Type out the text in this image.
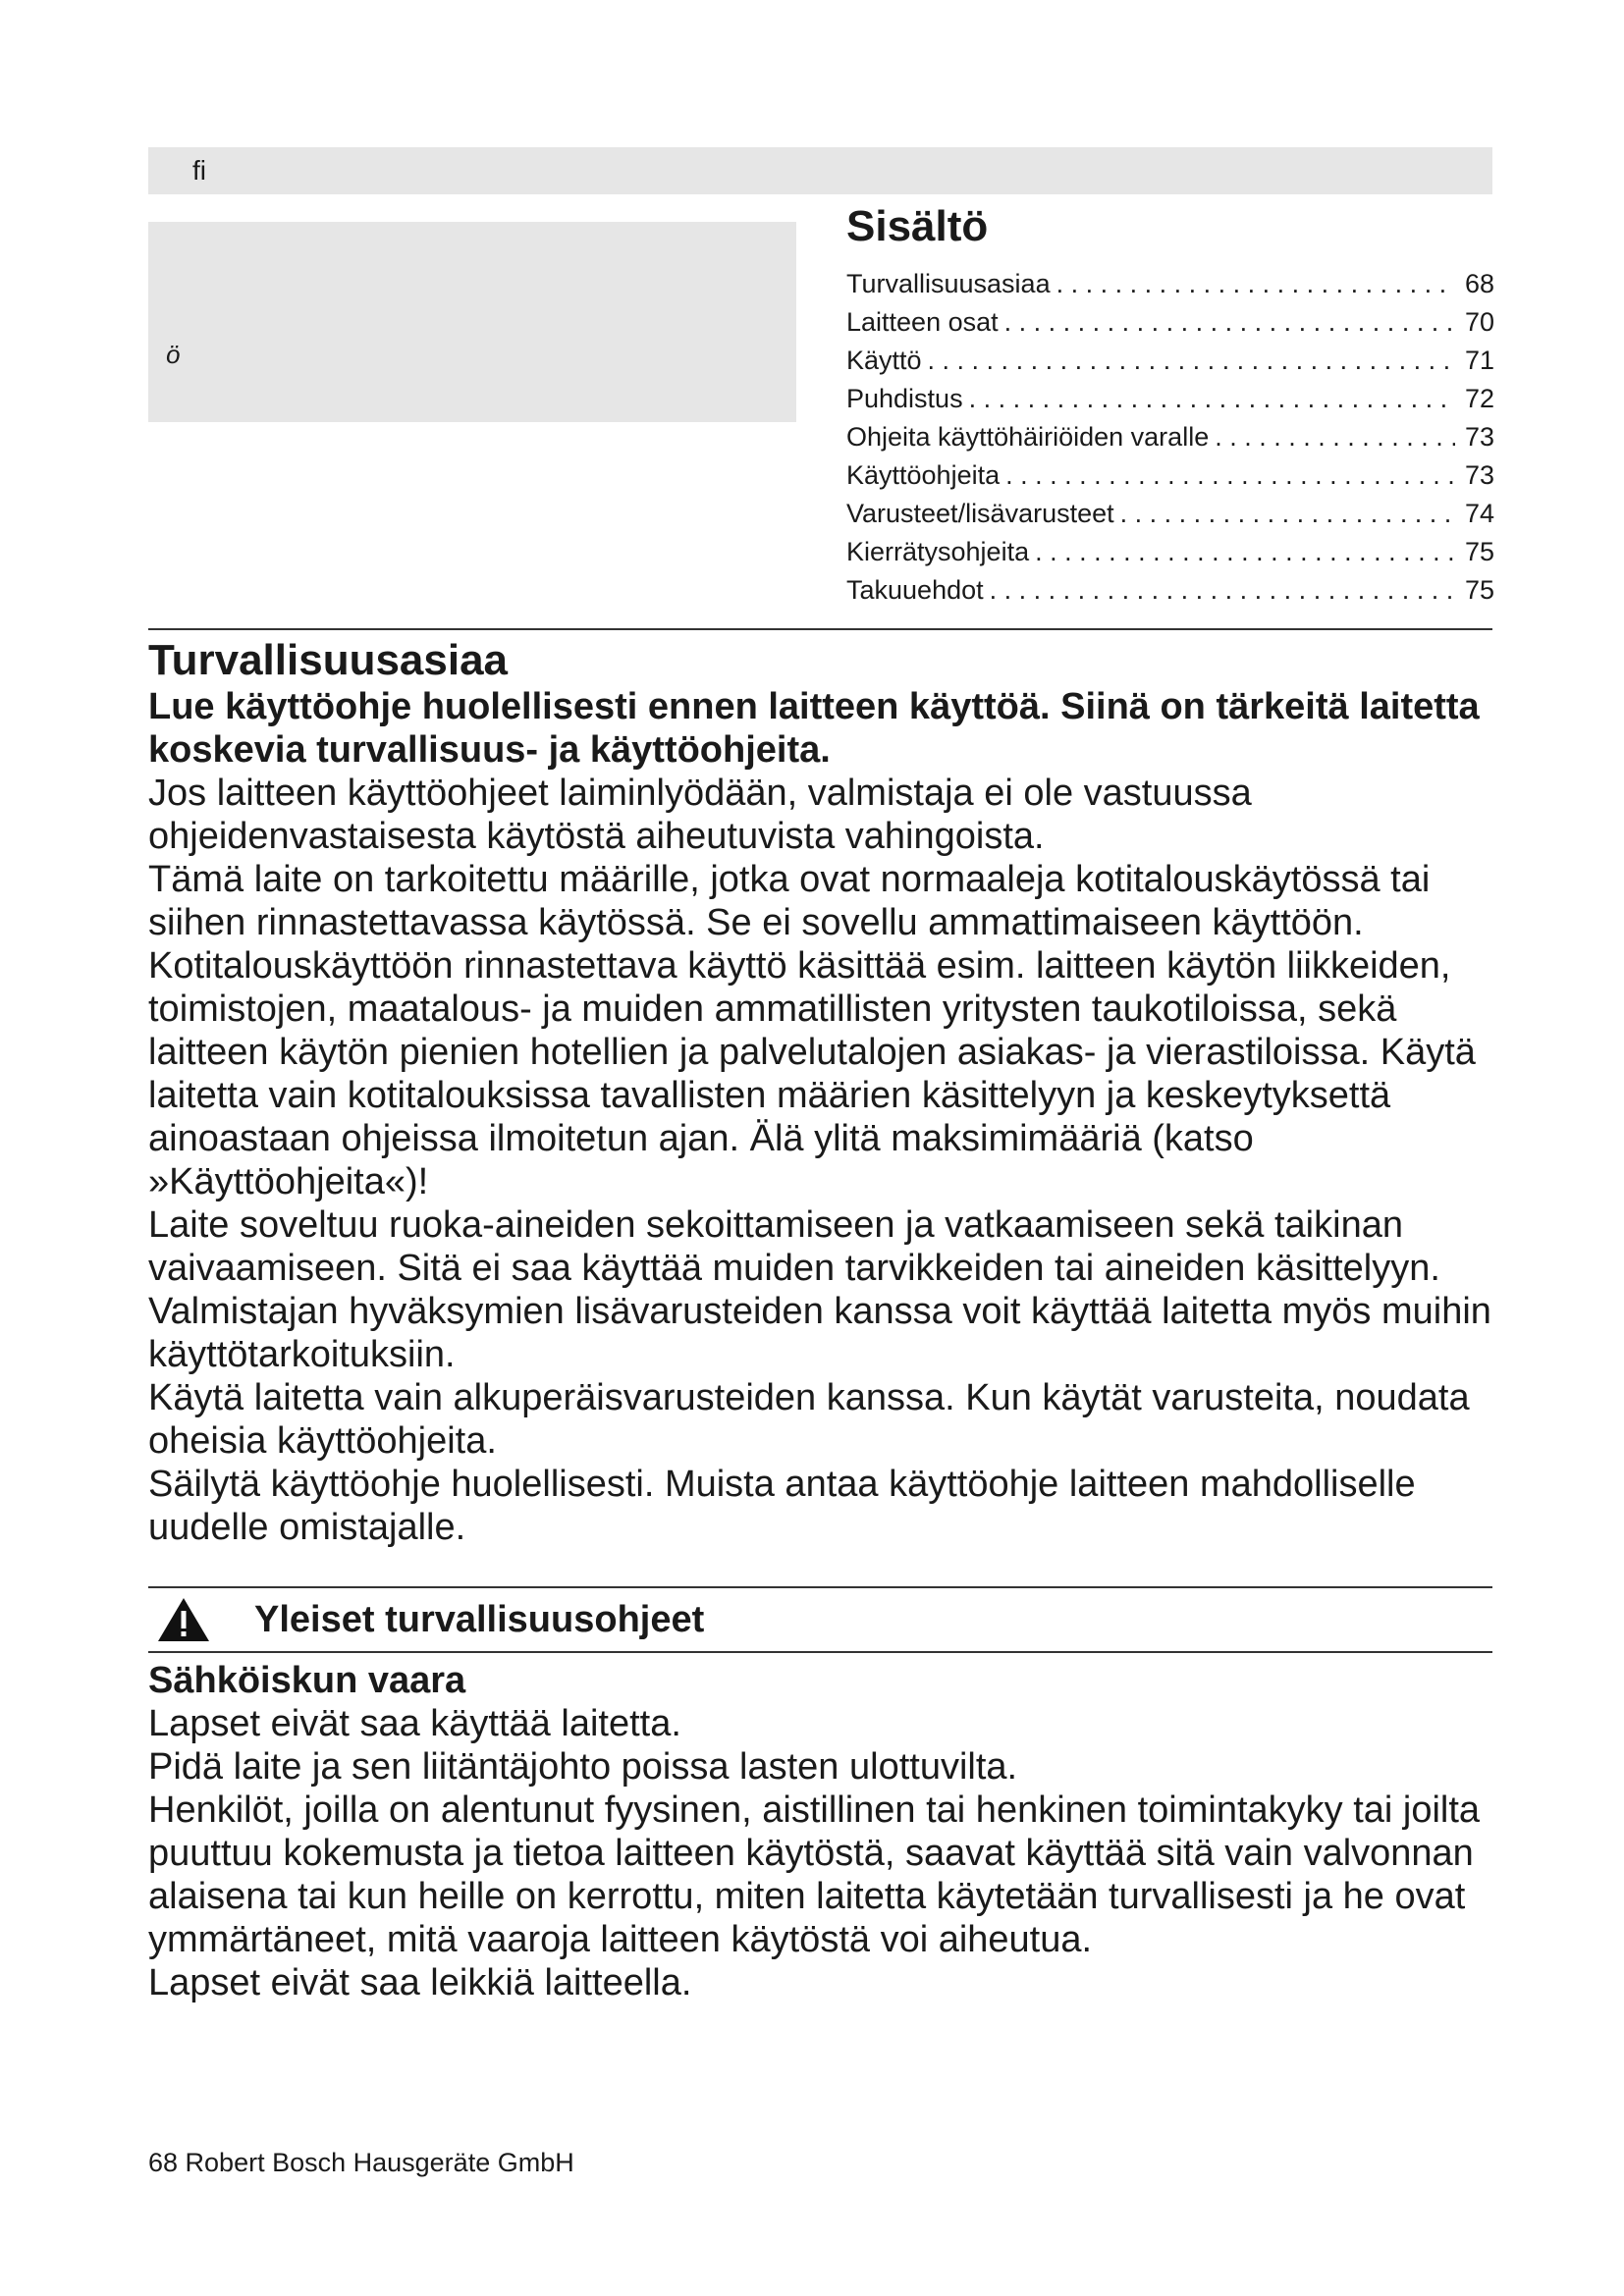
fi
ö
Sisältö
Turvallisuusasiaa . . .	68
Laitteen osat . . .	70
Käyttö . . .	71
Puhdistus . . .	72
Ohjeita käyttöhäiriöiden varalle . . .	73
Käyttöohjeita . . .	73
Varusteet/lisävarusteet . . .	74
Kierrätysohjeita . . .	75
Takuuehdot . . .	75
Turvallisuusasiaa

Lue käyttöohje huolellisesti ennen laitteen käyttöä. Siinä on tärkeitä laitetta koskevia turvallisuus- ja käyttöohjeita.

Jos laitteen käyttöohjeet laiminlyödään, valmistaja ei ole vastuussa ohjeidenvastaisesta käytöstä aiheutuvista vahingoista.

Tämä laite on tarkoitettu määrille, jotka ovat normaaleja kotitalouskäytössä tai siihen rinnastettavassa käytössä. Se ei sovellu ammattimaiseen käyttöön. Kotitalouskäyttöön rinnastettava käyttö käsittää esim. laitteen käytön liikkeiden, toimistojen, maatalous- ja muiden ammatillisten yritysten taukotiloissa, sekä laitteen käytön pienien hotellien ja palvelutalojen asiakas- ja vierastiloissa. Käytä laitetta vain kotitalouksissa tavallisten määrien käsittelyyn ja keskeytyksettä ainoastaan ohjeissa ilmoitetun ajan. Älä ylitä maksimimääriä (katso »Käyttöohjeita«)!

Laite soveltuu ruoka-aineiden sekoittamiseen ja vatkaamiseen sekä taikinan vaivaamiseen. Sitä ei saa käyttää muiden tarvikkeiden tai aineiden käsittelyyn. Valmistajan hyväksymien lisävarusteiden kanssa voit käyttää laitetta myös muihin käyttötarkoituksiin.

Käytä laitetta vain alkuperäisvarusteiden kanssa. Kun käytät varusteita, noudata oheisia käyttöohjeita.

Säilytä käyttöohje huolellisesti. Muista antaa käyttöohje laitteen mahdolliselle uudelle omistajalle.

Yleiset turvallisuusohjeet
Sähköiskun vaara

Lapset eivät saa käyttää laitetta.

Pidä laite ja sen liitäntäjohto poissa lasten ulottuvilta.

Henkilöt, joilla on alentunut fyysinen, aistillinen tai henkinen toimintakyky tai joilta puuttuu kokemusta ja tietoa laitteen käytöstä, saavat käyttää sitä vain valvonnan alaisena tai kun heille on kerrottu, miten laitetta käytetään turvallisesti ja he ovat ymmärtäneet, mitä vaaroja laitteen käytöstä voi aiheutua.

Lapset eivät saa leikkiä laitteella.

68 Robert Bosch Hausgeräte GmbH
